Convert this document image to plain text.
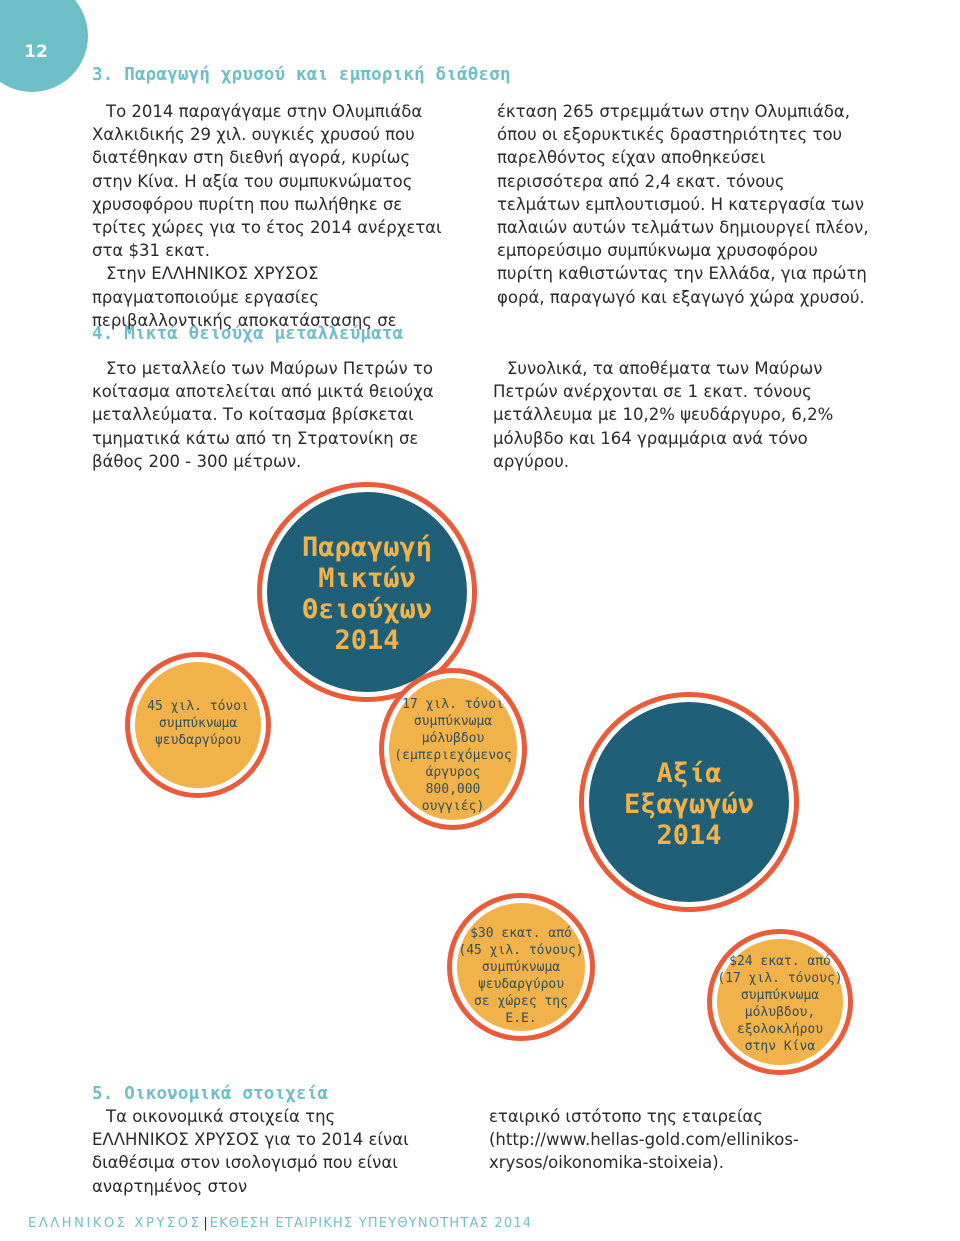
12
3. Παραγωγή χρυσού και εμπορική διάθεση

Το 2014 παραγάγαμε στην Ολυμπιάδα Χαλκιδικής 29 χιλ. ουγκιές χρυσού που διατέθηκαν στη διεθνή αγορά, κυρίως στην Κίνα. Η αξία του συμπυκνώματος χρυσοφόρου πυρίτη που πωλήθηκε σε τρίτες χώρες για το έτος 2014 ανέρχεται στα $31 εκατ.

Στην ΕΛΛΗΝΙΚΟΣ ΧΡΥΣΟΣ πραγματοποιούμε εργασίες περιβαλλοντικής αποκατάστασης σε

έκταση 265 στρεμμάτων στην Ολυμπιάδα, όπου οι εξορυκτικές δραστηριότητες του παρελθόντος είχαν αποθηκεύσει περισσότερα από 2,4 εκατ. τόνους τελμάτων εμπλουτισμού. Η κατεργασία των παλαιών αυτών τελμάτων δημιουργεί πλέον, εμπορεύσιμο συμπύκνωμα χρυσοφόρου πυρίτη καθιστώντας την Ελλάδα, για πρώτη φορά, παραγωγό και εξαγωγό χώρα χρυσού.

4. Μικτά θειούχα μεταλλεύματα

Στο μεταλλείο των Μαύρων Πετρών το κοίτασμα αποτελείται από μικτά θειούχα μεταλλεύματα. Το κοίτασμα βρίσκεται τμηματικά κάτω από τη Στρατονίκη σε βάθος 200 - 300 μέτρων.

Συνολικά, τα αποθέματα των Μαύρων Πετρών ανέρχονται σε 1 εκατ. τόνους μετάλλευμα με 10,2% ψευδάργυρο, 6,2% μόλυβδο και 164 γραμμάρια ανά τόνο αργύρου.

Παραγωγή
Μικτών
Θειούχων
2014
45 χιλ. τόνοι
συμπύκνωμα
ψευδαργύρου
17 χιλ. τόνοι
συμπύκνωμα
μόλυβδου
(εμπεριεχόμενος
άργυρος
800,000
ουγγιές)
Αξία
Εξαγωγών
2014
$30 εκατ. από
(45 χιλ. τόνους)
συμπύκνωμα
ψευδαργύρου
σε χώρες της Ε.Ε.
$24 εκατ. από
(17 χιλ. τόνους)
συμπύκνωμα
μόλυβδου,
εξολοκλήρου
στην Κίνα
5. Οικονομικά στοιχεία

Τα οικονομικά στοιχεία της ΕΛΛΗΝΙΚΟΣ ΧΡΥΣΟΣ για το 2014 είναι διαθέσιμα στον ισολογισμό που είναι αναρτημένος στον

εταιρικό ιστότοπο της εταιρείας (http://www.hellas-gold.com/ellinikos-xrysos/oikonomika-stoixeia).

ΕΛΛΗΝΙΚΟΣ ΧΡΥΣΟΣ | ΕΚΘΕΣΗ ΕΤΑΙΡΙΚΗΣ ΥΠΕΥΘΥΝΟΤΗΤΑΣ 2014
